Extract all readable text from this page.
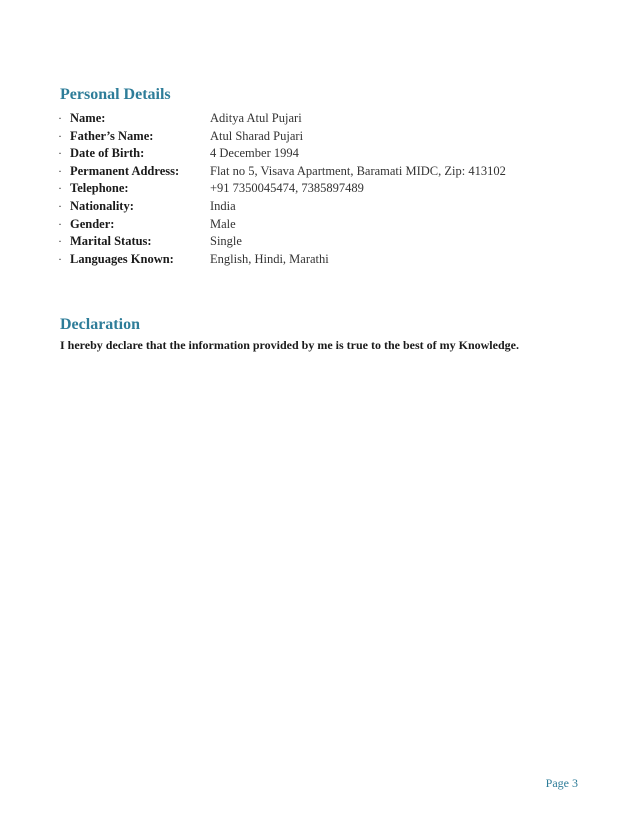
Personal Details
· Name:	Aditya Atul Pujari
· Father’s Name:	Atul Sharad Pujari
· Date of Birth:	4 December 1994
· Permanent Address: Flat no 5, Visava Apartment, Baramati MIDC, Zip: 413102
· Telephone:	+91 7350045474, 7385897489
· Nationality:	India
· Gender:	Male
· Marital Status:	Single
· Languages Known:	English, Hindi, Marathi
Declaration

I hereby declare that the information provided by me is true to the best of my Knowledge.

Page 3
